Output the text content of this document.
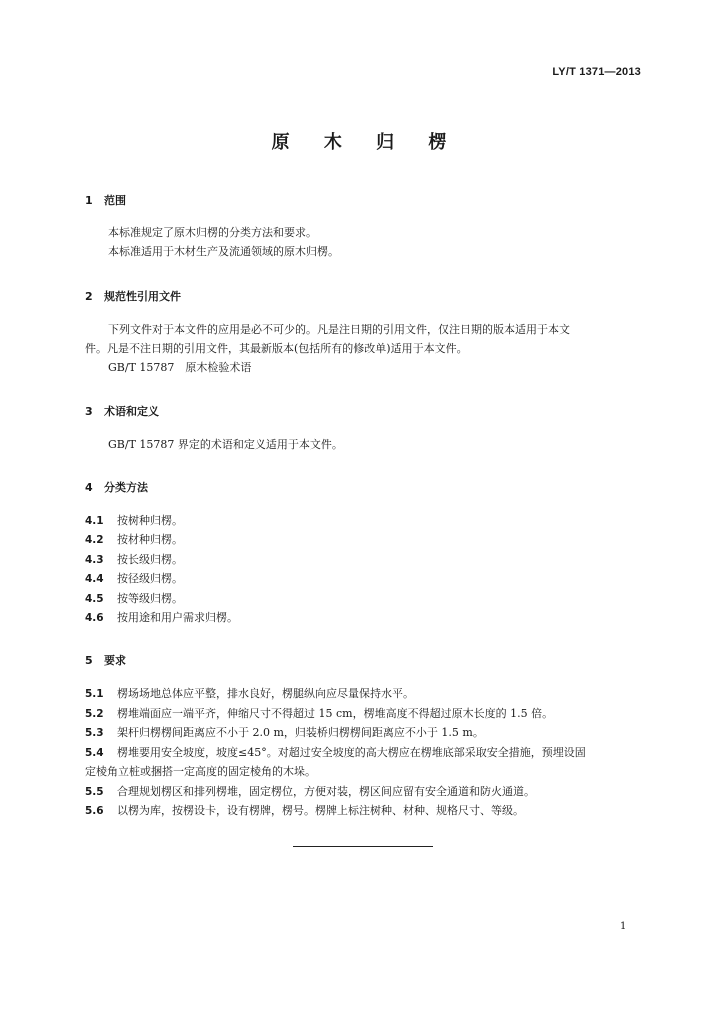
LY/T 1371—2013
原 木 归 楞
1 范围
本标准规定了原木归楞的分类方法和要求。
本标准适用于木材生产及流通领域的原木归楞。
2 规范性引用文件
下列文件对于本文件的应用是必不可少的。凡是注日期的引用文件，仅注日期的版本适用于本文
件。凡是不注日期的引用文件，其最新版本(包括所有的修改单)适用于本文件。
GB/T 15787　原木检验术语
3 术语和定义
GB/T 15787 界定的术语和定义适用于本文件。
4 分类方法
4.1 按树种归楞。
4.2 按材种归楞。
4.3 按长级归楞。
4.4 按径级归楞。
4.5 按等级归楞。
4.6 按用途和用户需求归楞。
5 要求
5.1 楞场场地总体应平整，排水良好，楞腿纵向应尽量保持水平。
5.2 楞堆端面应一端平齐，伸缩尺寸不得超过 15 cm，楞堆高度不得超过原木长度的 1.5 倍。
5.3 架杆归楞楞间距离应不小于 2.0 m，归装桥归楞楞间距离应不小于 1.5 m。
5.4 楞堆要用安全坡度，坡度≤45°。对超过安全坡度的高大楞应在楞堆底部采取安全措施，预埋设固
定棱角立桩或捆搭一定高度的固定棱角的木垛。
5.5 合理规划楞区和排列楞堆，固定楞位，方便对装，楞区间应留有安全通道和防火通道。
5.6 以楞为库，按楞设卡，设有楞牌，楞号。楞牌上标注树种、材种、规格尺寸、等级。
1
